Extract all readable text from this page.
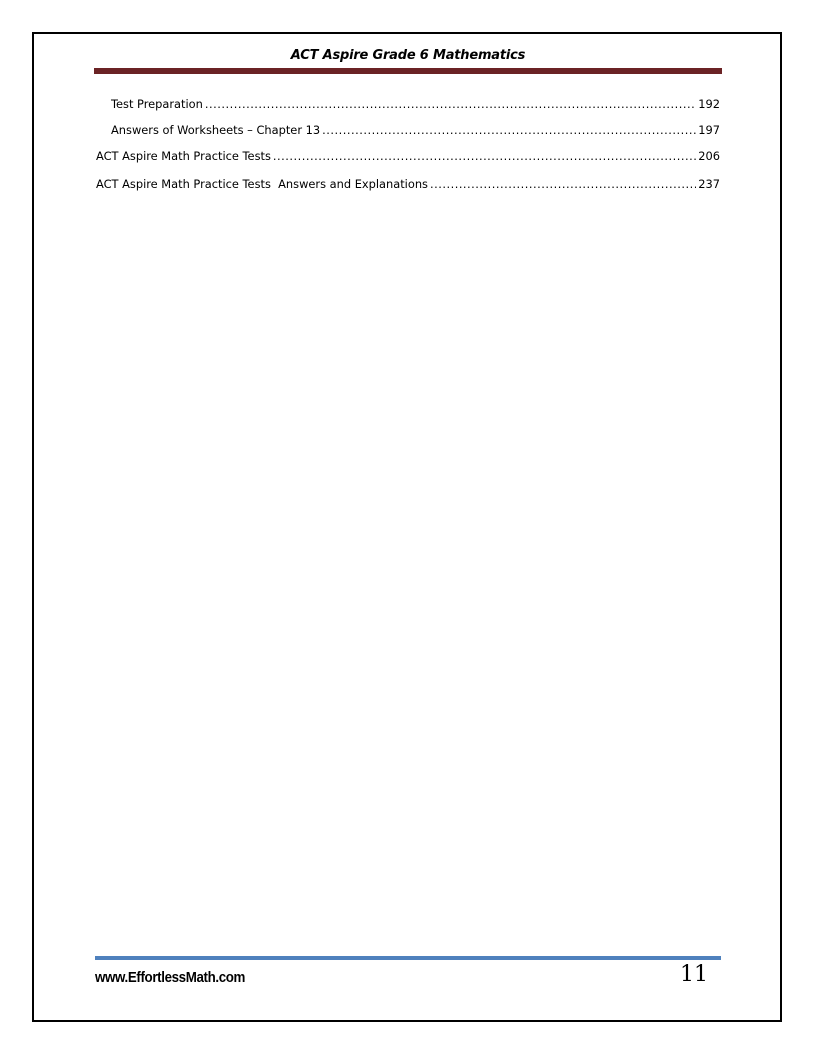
ACT Aspire Grade 6 Mathematics
Test Preparation .....	192
Answers of Worksheets – Chapter 13 .....	197
ACT Aspire Math Practice Tests .....	206
ACT Aspire Math Practice Tests  Answers and Explanations .....	237
www.EffortlessMath.com	11
